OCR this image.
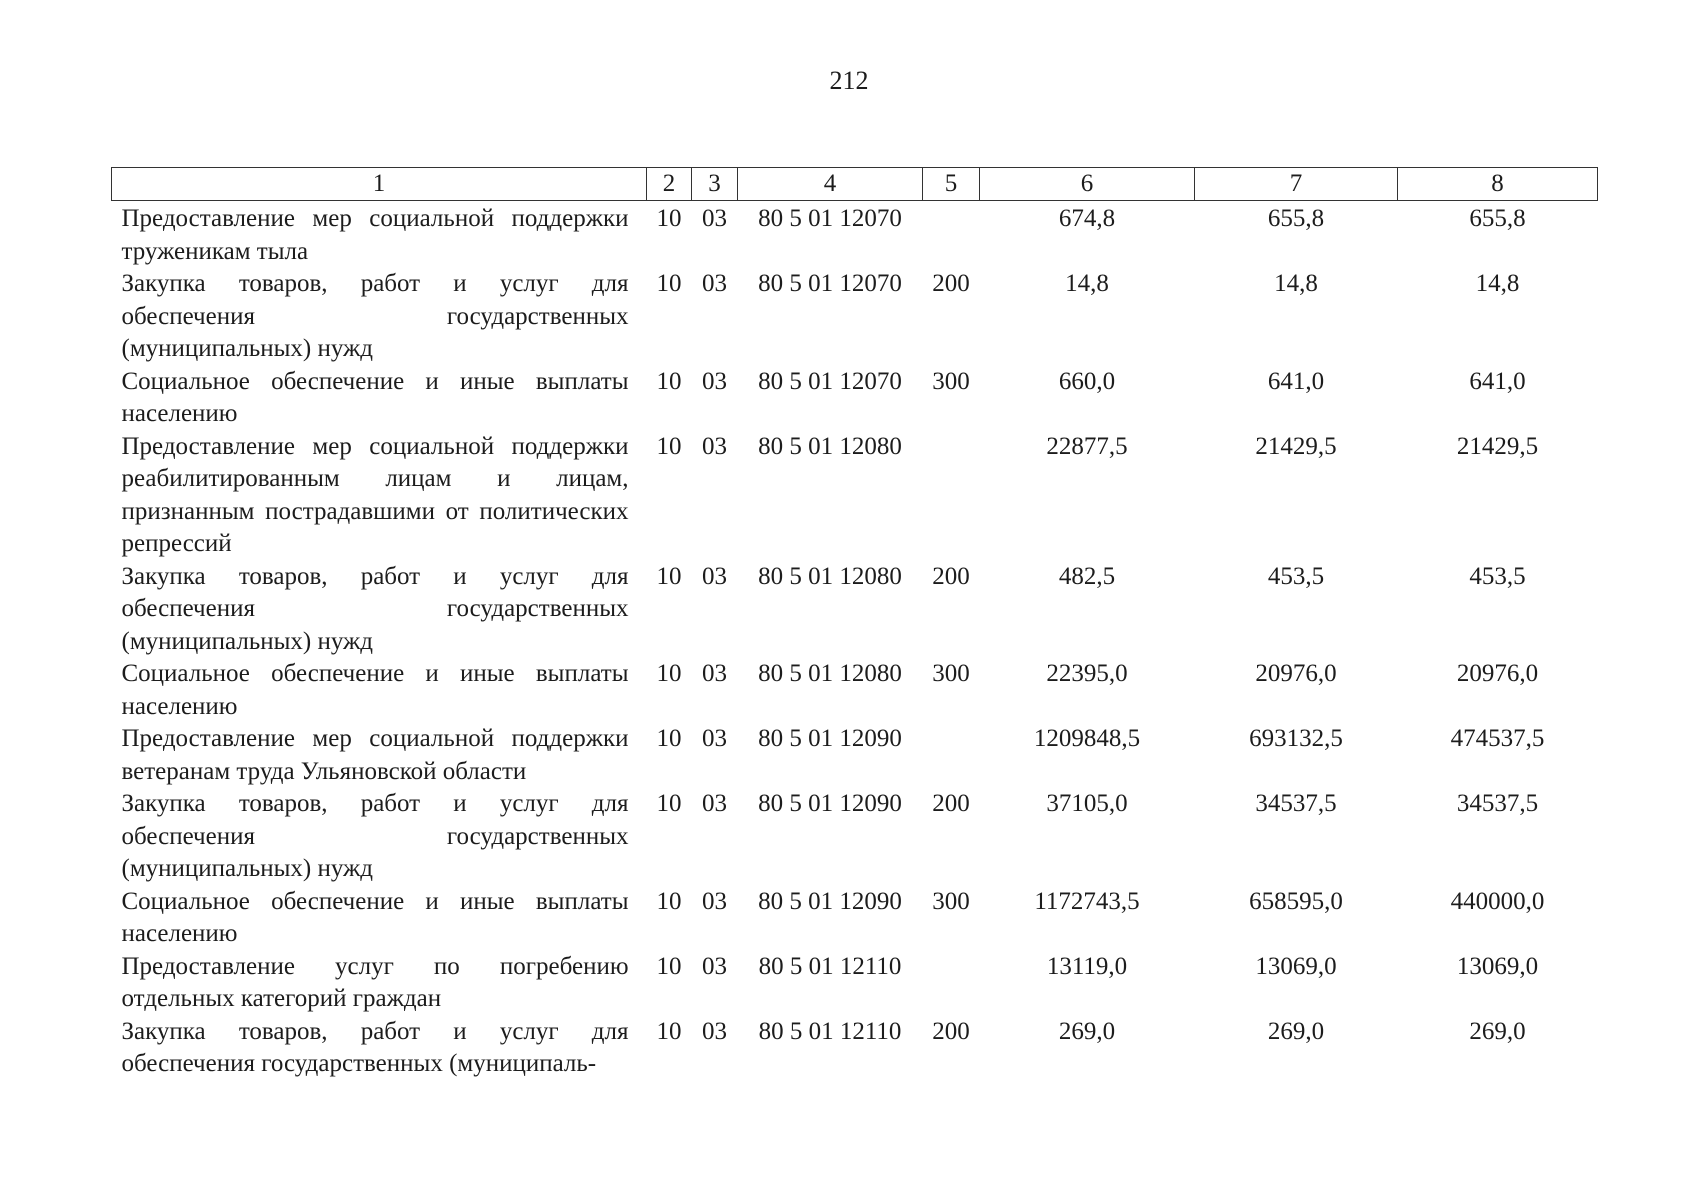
212
1	2	3	4	5	6	7	8
Предоставление мер социальной поддержки труженикам тыла	10	03	80 5 01 12070		674,8	655,8	655,8
Закупка товаров, работ и услуг для обеспечения государственных (муниципальных) нужд	10	03	80 5 01 12070	200	14,8	14,8	14,8
Социальное обеспечение и иные выплаты населению	10	03	80 5 01 12070	300	660,0	641,0	641,0
Предоставление мер социальной поддержки реабилитированным лицам и лицам, признанным пострадавшими от политических репрессий	10	03	80 5 01 12080		22877,5	21429,5	21429,5
Закупка товаров, работ и услуг для обеспечения государственных (муниципальных) нужд	10	03	80 5 01 12080	200	482,5	453,5	453,5
Социальное обеспечение и иные выплаты населению	10	03	80 5 01 12080	300	22395,0	20976,0	20976,0
Предоставление мер социальной поддержки ветеранам труда Ульяновской области	10	03	80 5 01 12090		1209848,5	693132,5	474537,5
Закупка товаров, работ и услуг для обеспечения государственных (муниципальных) нужд	10	03	80 5 01 12090	200	37105,0	34537,5	34537,5
Социальное обеспечение и иные выплаты населению	10	03	80 5 01 12090	300	1172743,5	658595,0	440000,0
Предоставление услуг по погребению отдельных категорий граждан	10	03	80 5 01 12110		13119,0	13069,0	13069,0
Закупка товаров, работ и услуг для обеспечения государственных (муниципаль-	10	03	80 5 01 12110	200	269,0	269,0	269,0
